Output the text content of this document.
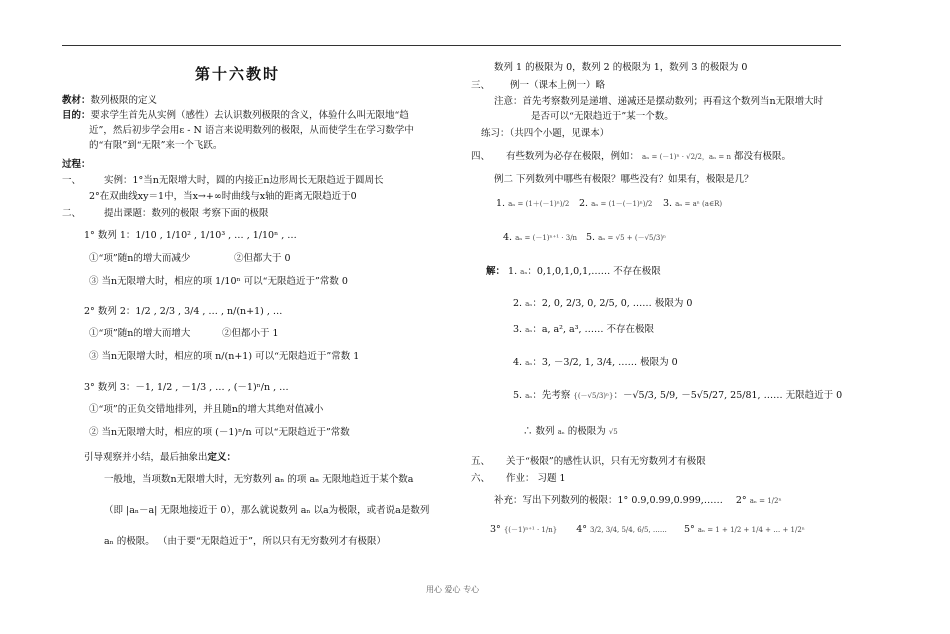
第十六教时
教材：数列极限的定义
目的：要求学生首先从实例（感性）去认识数列极限的含义，体验什么叫无限地“趋
近”，然后初步学会用ε - N 语言来说明数列的极限，从而使学生在学习数学中
的“有限”到“无限”来一个飞跃。
过程：
一、 实例：1°当n无限增大时，圆的内接正n边形周长无限趋近于圆周长
2°在双曲线xy＝1中，当x→+∞时曲线与x轴的距离无限趋近于0
二、 提出课题：数列的极限 考察下面的极限
1° 数列 1：1/10 , 1/10² , 1/10³ , … , 1/10ⁿ , …
①“项”随n的增大而减少	②但都大于 0
③ 当n无限增大时，相应的项 1/10ⁿ 可以“无限趋近于”常数 0
2° 数列 2：1/2 , 2/3 , 3/4 , … , n/(n+1) , …
①“项”随n的增大而增大	②但都小于 1
③ 当n无限增大时，相应的项 n/(n+1) 可以“无限趋近于”常数 1
3° 数列 3：－1, 1/2 , －1/3 , … , (－1)ⁿ/n , …
①“项”的正负交错地排列，并且随n的增大其绝对值减小
② 当n无限增大时，相应的项 (－1)ⁿ/n 可以“无限趋近于”常数
引导观察并小结，最后抽象出定义：
一般地，当项数n无限增大时，无穷数列 aₙ 的项 aₙ 无限地趋近于某个数a
（即 |aₙ－a| 无限地接近于 0），那么就说数列 aₙ 以a为极限，或者说a是数列
aₙ 的极限。 （由于要“无限趋近于”，所以只有无穷数列才有极限）
数列 1 的极限为 0，数列 2 的极限为 1，数列 3 的极限为 0
三、 例一（课本上例一）略
注意：首先考察数列是递增、递减还是摆动数列；再看这个数列当n无限增大时
是否可以“无限趋近于”某一个数。
练习：（共四个小题，见课本）
四、 有些数列为必存在极限，例如： aₙ = (－1)ⁿ · √2/2，aₙ = n 都没有极限。
例二 下列数列中哪些有极限？哪些没有？如果有，极限是几？
1. aₙ = (1＋(－1)ⁿ)/2 2. aₙ = (1－(－1)ⁿ)/2 3. aₙ = aⁿ (a∈R)
4. aₙ = (－1)ⁿ⁺¹ · 3/n 5. aₙ = √5 + (－√5/3)ⁿ
解： 1. aₙ：0,1,0,1,0,1,…… 不存在极限
2. aₙ：2, 0, 2/3, 0, 2/5, 0, …… 极限为 0
3. aₙ：a, a², a³, …… 不存在极限
4. aₙ：3, －3/2, 1, 3/4, …… 极限为 0
5. aₙ：先考察 {(－√5/3)ⁿ}：－√5/3, 5/9, －5√5/27, 25/81, …… 无限趋近于 0
∴ 数列 aₙ 的极限为 √5
五、 关于“极限”的感性认识，只有无穷数列才有极限
六、 作业： 习题 1
补充：写出下列数列的极限：1° 0.9,0.99,0.999,…… 2° aₙ = 1/2ⁿ
3° {(－1)ⁿ⁺¹ · 1/n} 4° 3/2, 3/4, 5/4, 6/5, …… 5° aₙ = 1 + 1/2 + 1/4 + … + 1/2ⁿ
用心 爱心 专心
